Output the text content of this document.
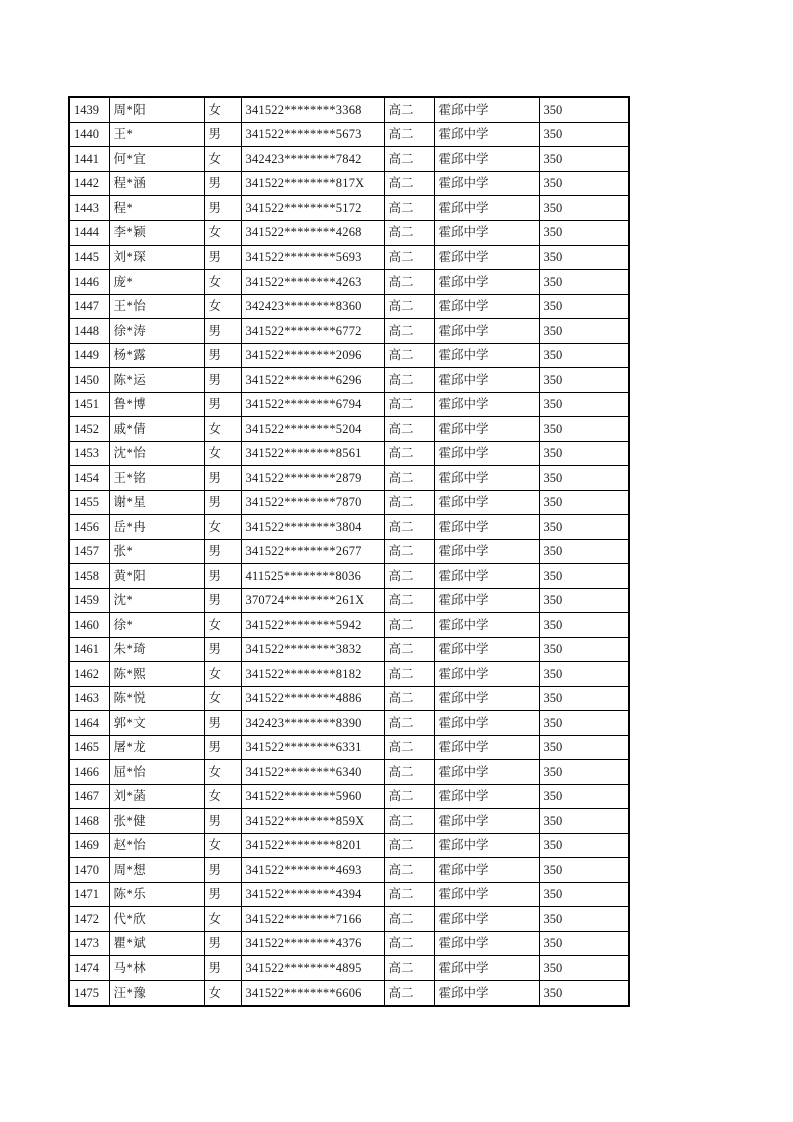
1439	周*阳	女	341522********3368	高二	霍邱中学	350
1440	王*	男	341522********5673	高二	霍邱中学	350
1441	何*宜	女	342423********7842	高二	霍邱中学	350
1442	程*涵	男	341522********817X	高二	霍邱中学	350
1443	程*	男	341522********5172	高二	霍邱中学	350
1444	李*颖	女	341522********4268	高二	霍邱中学	350
1445	刘*琛	男	341522********5693	高二	霍邱中学	350
1446	庞*	女	341522********4263	高二	霍邱中学	350
1447	王*怡	女	342423********8360	高二	霍邱中学	350
1448	徐*涛	男	341522********6772	高二	霍邱中学	350
1449	杨*露	男	341522********2096	高二	霍邱中学	350
1450	陈*运	男	341522********6296	高二	霍邱中学	350
1451	鲁*博	男	341522********6794	高二	霍邱中学	350
1452	戚*倩	女	341522********5204	高二	霍邱中学	350
1453	沈*怡	女	341522********8561	高二	霍邱中学	350
1454	王*铭	男	341522********2879	高二	霍邱中学	350
1455	谢*星	男	341522********7870	高二	霍邱中学	350
1456	岳*冉	女	341522********3804	高二	霍邱中学	350
1457	张*	男	341522********2677	高二	霍邱中学	350
1458	黄*阳	男	411525********8036	高二	霍邱中学	350
1459	沈*	男	370724********261X	高二	霍邱中学	350
1460	徐*	女	341522********5942	高二	霍邱中学	350
1461	朱*琦	男	341522********3832	高二	霍邱中学	350
1462	陈*熙	女	341522********8182	高二	霍邱中学	350
1463	陈*悦	女	341522********4886	高二	霍邱中学	350
1464	郭*文	男	342423********8390	高二	霍邱中学	350
1465	屠*龙	男	341522********6331	高二	霍邱中学	350
1466	屈*怡	女	341522********6340	高二	霍邱中学	350
1467	刘*菡	女	341522********5960	高二	霍邱中学	350
1468	张*健	男	341522********859X	高二	霍邱中学	350
1469	赵*怡	女	341522********8201	高二	霍邱中学	350
1470	周*想	男	341522********4693	高二	霍邱中学	350
1471	陈*乐	男	341522********4394	高二	霍邱中学	350
1472	代*欣	女	341522********7166	高二	霍邱中学	350
1473	瞿*斌	男	341522********4376	高二	霍邱中学	350
1474	马*林	男	341522********4895	高二	霍邱中学	350
1475	汪*豫	女	341522********6606	高二	霍邱中学	350
